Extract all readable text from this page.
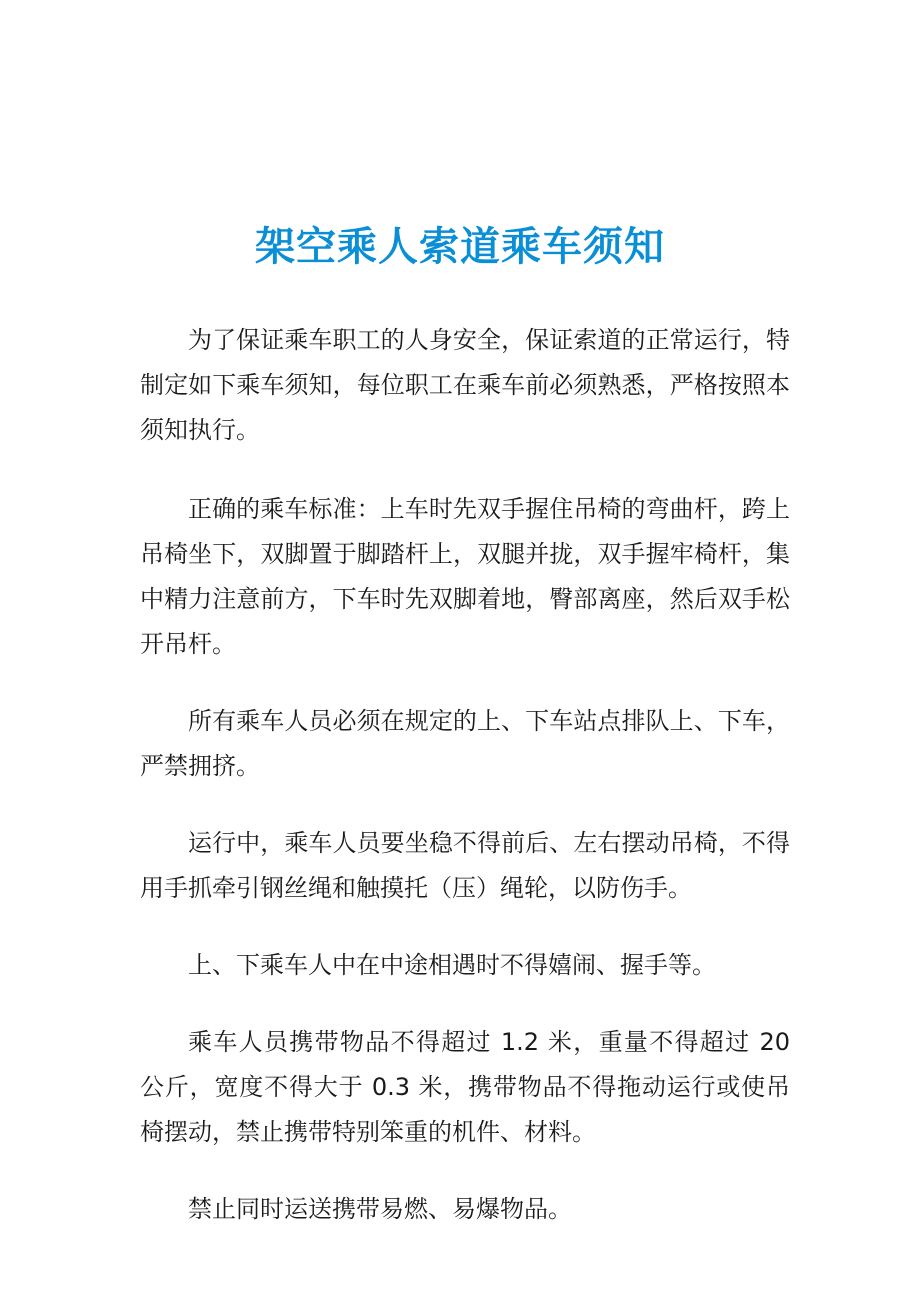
架空乘人索道乘车须知

为了保证乘车职工的人身安全，保证索道的正常运行，特制定如下乘车须知，每位职工在乘车前必须熟悉，严格按照本须知执行。

正确的乘车标准：上车时先双手握住吊椅的弯曲杆，跨上吊椅坐下，双脚置于脚踏杆上，双腿并拢，双手握牢椅杆，集中精力注意前方，下车时先双脚着地，臀部离座，然后双手松开吊杆。

所有乘车人员必须在规定的上、下车站点排队上、下车，严禁拥挤。

运行中，乘车人员要坐稳不得前后、左右摆动吊椅，不得用手抓牵引钢丝绳和触摸托（压）绳轮，以防伤手。

上、下乘车人中在中途相遇时不得嬉闹、握手等。

乘车人员携带物品不得超过 1.2 米，重量不得超过 20 公斤，宽度不得大于 0.3 米，携带物品不得拖动运行或使吊椅摆动，禁止携带特别笨重的机件、材料。

禁止同时运送携带易燃、易爆物品。
